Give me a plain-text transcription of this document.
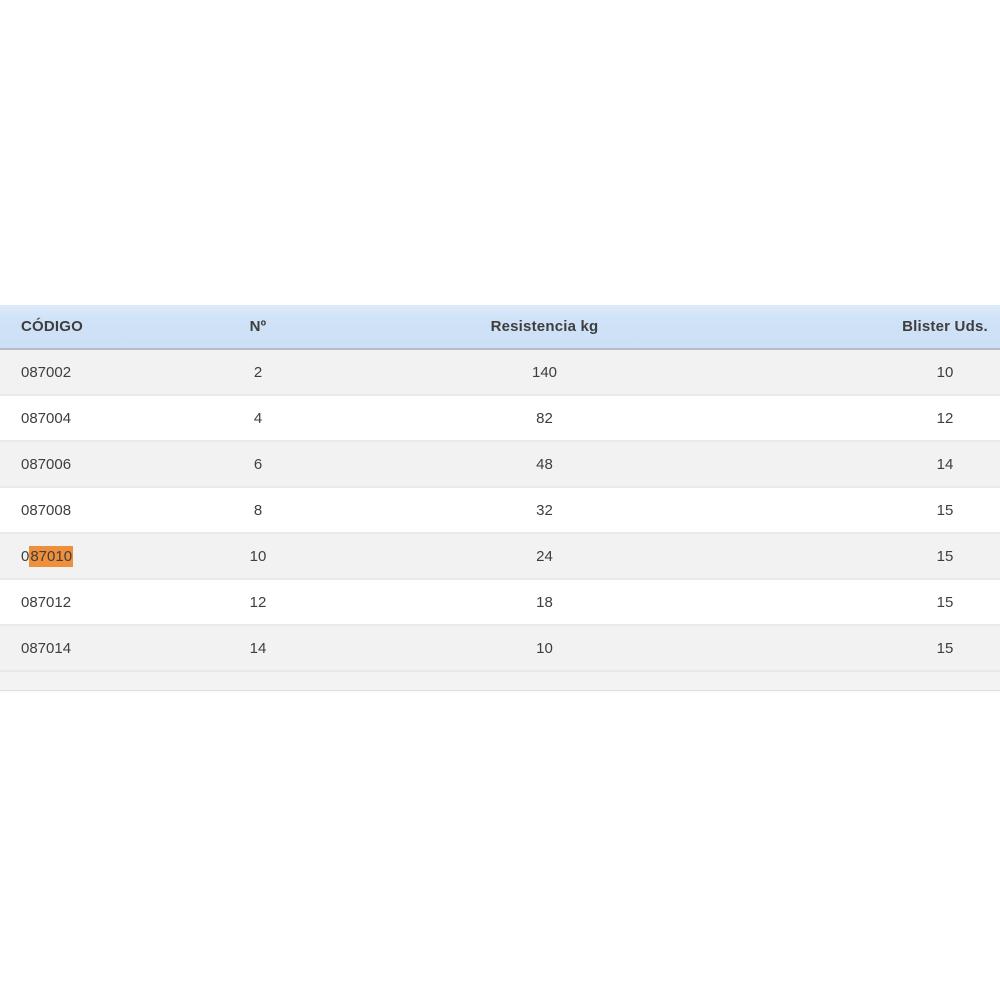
CÓDIGO	Nº	Resistencia kg	Blister Uds.
087002	2	140	10
087004	4	82	12
087006	6	48	14
087008	8	32	15
087010	10	24	15
087012	12	18	15
087014	14	10	15
